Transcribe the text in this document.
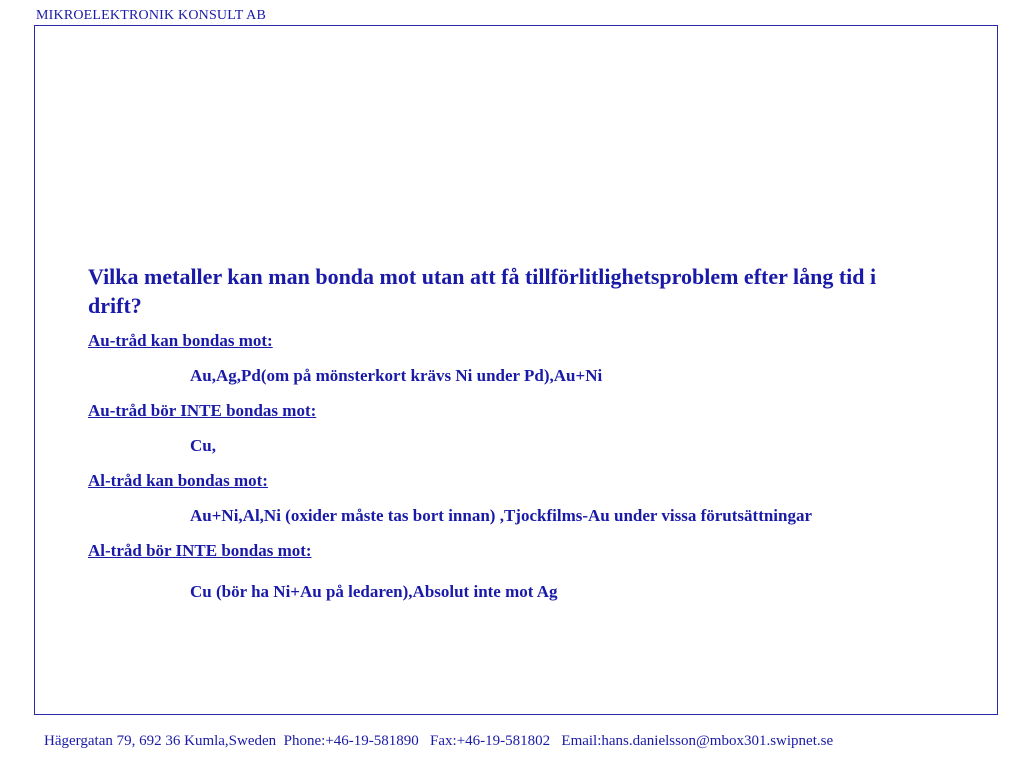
MIKROELEKTRONIK KONSULT AB

Vilka metaller kan man bonda mot utan att få tillförlitlighetsproblem efter lång tid i drift?

Au-tråd kan bondas mot:

Au,Ag,Pd(om på mönsterkort krävs Ni under Pd),Au+Ni

Au-tråd bör INTE bondas mot:

Cu,

Al-tråd kan bondas mot:

Au+Ni,Al,Ni (oxider måste tas bort innan) ,Tjockfilms-Au under vissa förutsättningar

Al-tråd bör INTE bondas mot:

Cu (bör ha Ni+Au på ledaren),Absolut inte mot Ag

Hägergatan 79, 692 36 Kumla,Sweden  Phone:+46-19-581890   Fax:+46-19-581802   Email:hans.danielsson@mbox301.swipnet.se
